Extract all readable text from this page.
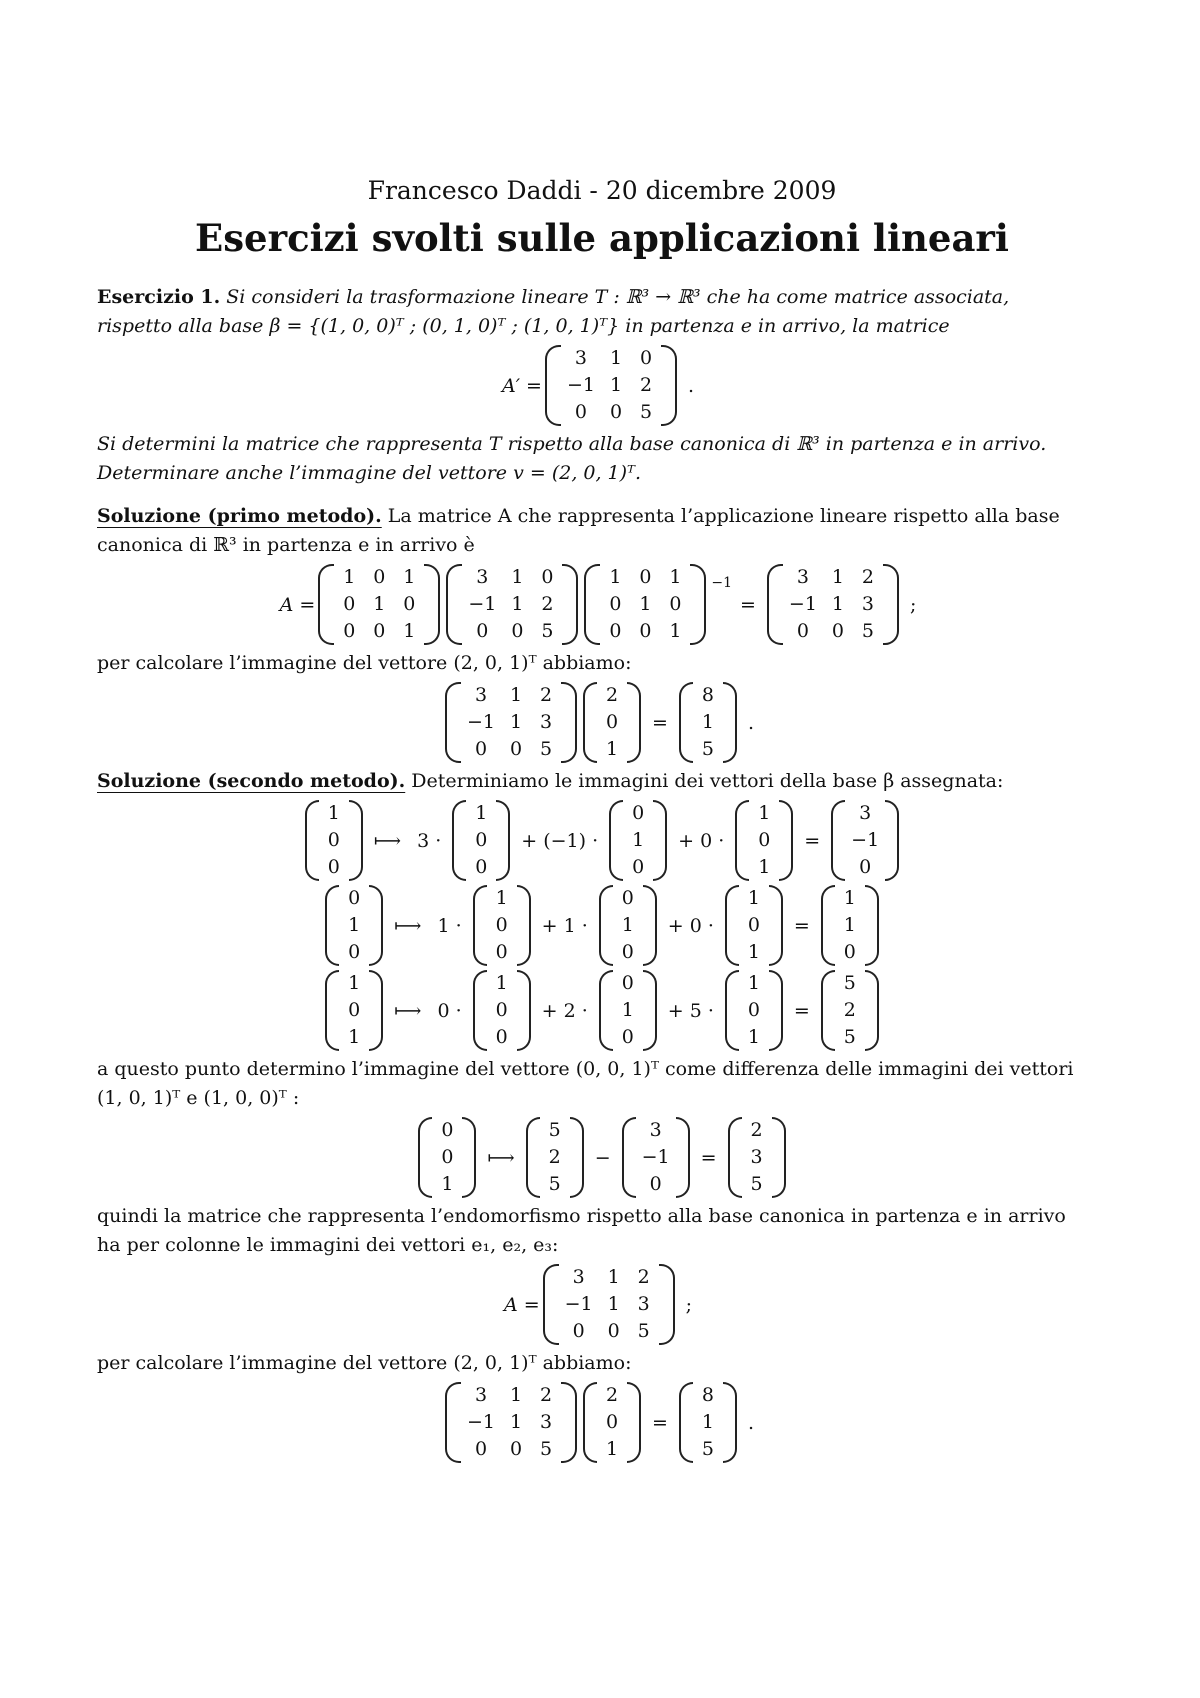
Francesco Daddi - 20 dicembre 2009

Esercizi svolti sulle applicazioni lineari

Esercizio 1. Si consideri la trasformazione lineare T : ℝ³ → ℝ³ che ha come matrice associata,

rispetto alla base β = {(1, 0, 0)ᵀ ; (0, 1, 0)ᵀ ; (1, 0, 1)ᵀ} in partenza e in arrivo, la matrice

A′ =
3	1	0
−1	1	2
0	0	5
.

Si determini la matrice che rappresenta T rispetto alla base canonica di ℝ³ in partenza e in arrivo.

Determinare anche l’immagine del vettore v = (2, 0, 1)ᵀ.

Soluzione (primo metodo). La matrice A che rappresenta l’applicazione lineare rispetto alla base

canonica di ℝ³ in partenza e in arrivo è

A =
1	0	1
0	1	0
0	0	1
3	1	0
−1	1	2
0	0	5
1	0	1
0	1	0
0	0	1
−1
=
3	1	2
−1	1	3
0	0	5
;

per calcolare l’immagine del vettore (2, 0, 1)ᵀ abbiamo:

3	1	2
−1	1	3
0	0	5
2
0
1
=
8
1
5
.

Soluzione (secondo metodo). Determiniamo le immagini dei vettori della base β assegnata:

1
0
0
⟼ 3 ·
1
0
0
+ (−1) ·
0
1
0
+ 0 ·
1
0
1
=
3
−1
0
0
1
0
⟼ 1 ·
1
0
0
+ 1 ·
0
1
0
+ 0 ·
1
0
1
=
1
1
0
1
0
1
⟼ 0 ·
1
0
0
+ 2 ·
0
1
0
+ 5 ·
1
0
1
=
5
2
5

a questo punto determino l’immagine del vettore (0, 0, 1)ᵀ come differenza delle immagini dei vettori

(1, 0, 1)ᵀ e (1, 0, 0)ᵀ :

0
0
1
⟼
5
2
5
−
3
−1
0
=
2
3
5

quindi la matrice che rappresenta l’endomorfismo rispetto alla base canonica in partenza e in arrivo

ha per colonne le immagini dei vettori e₁, e₂, e₃:

A =
3	1	2
−1	1	3
0	0	5
;

per calcolare l’immagine del vettore (2, 0, 1)ᵀ abbiamo:

3	1	2
−1	1	3
0	0	5
2
0
1
=
8
1
5
.
